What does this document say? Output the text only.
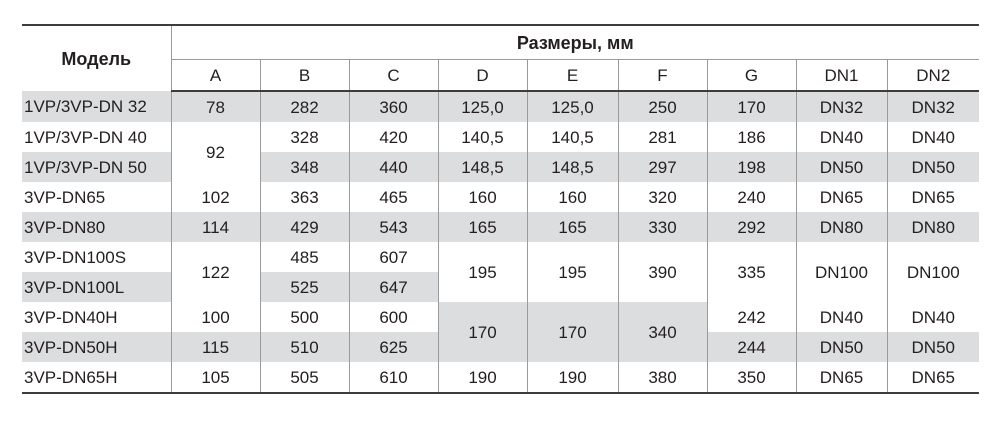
Модель	Размеры, мм								
	A	B	C	D	E	F	G	DN1	DN2
1VP/3VP-DN 32	78	282	360	125,0	125,0	250	170	DN32	DN32
1VP/3VP-DN 40	92	328	420	140,5	140,5	281	186	DN40	DN40
1VP/3VP-DN 50		348	440	148,5	148,5	297	198	DN50	DN50
3VP-DN65	102	363	465	160	160	320	240	DN65	DN65
3VP-DN80	114	429	543	165	165	330	292	DN80	DN80
3VP-DN100S	122	485	607	195	195	390	335	DN100	DN100
3VP-DN100L		525	647						
3VP-DN40H	100	500	600	170	170	340	242	DN40	DN40
3VP-DN50H	115	510	625				244	DN50	DN50
3VP-DN65H	105	505	610	190	190	380	350	DN65	DN65
